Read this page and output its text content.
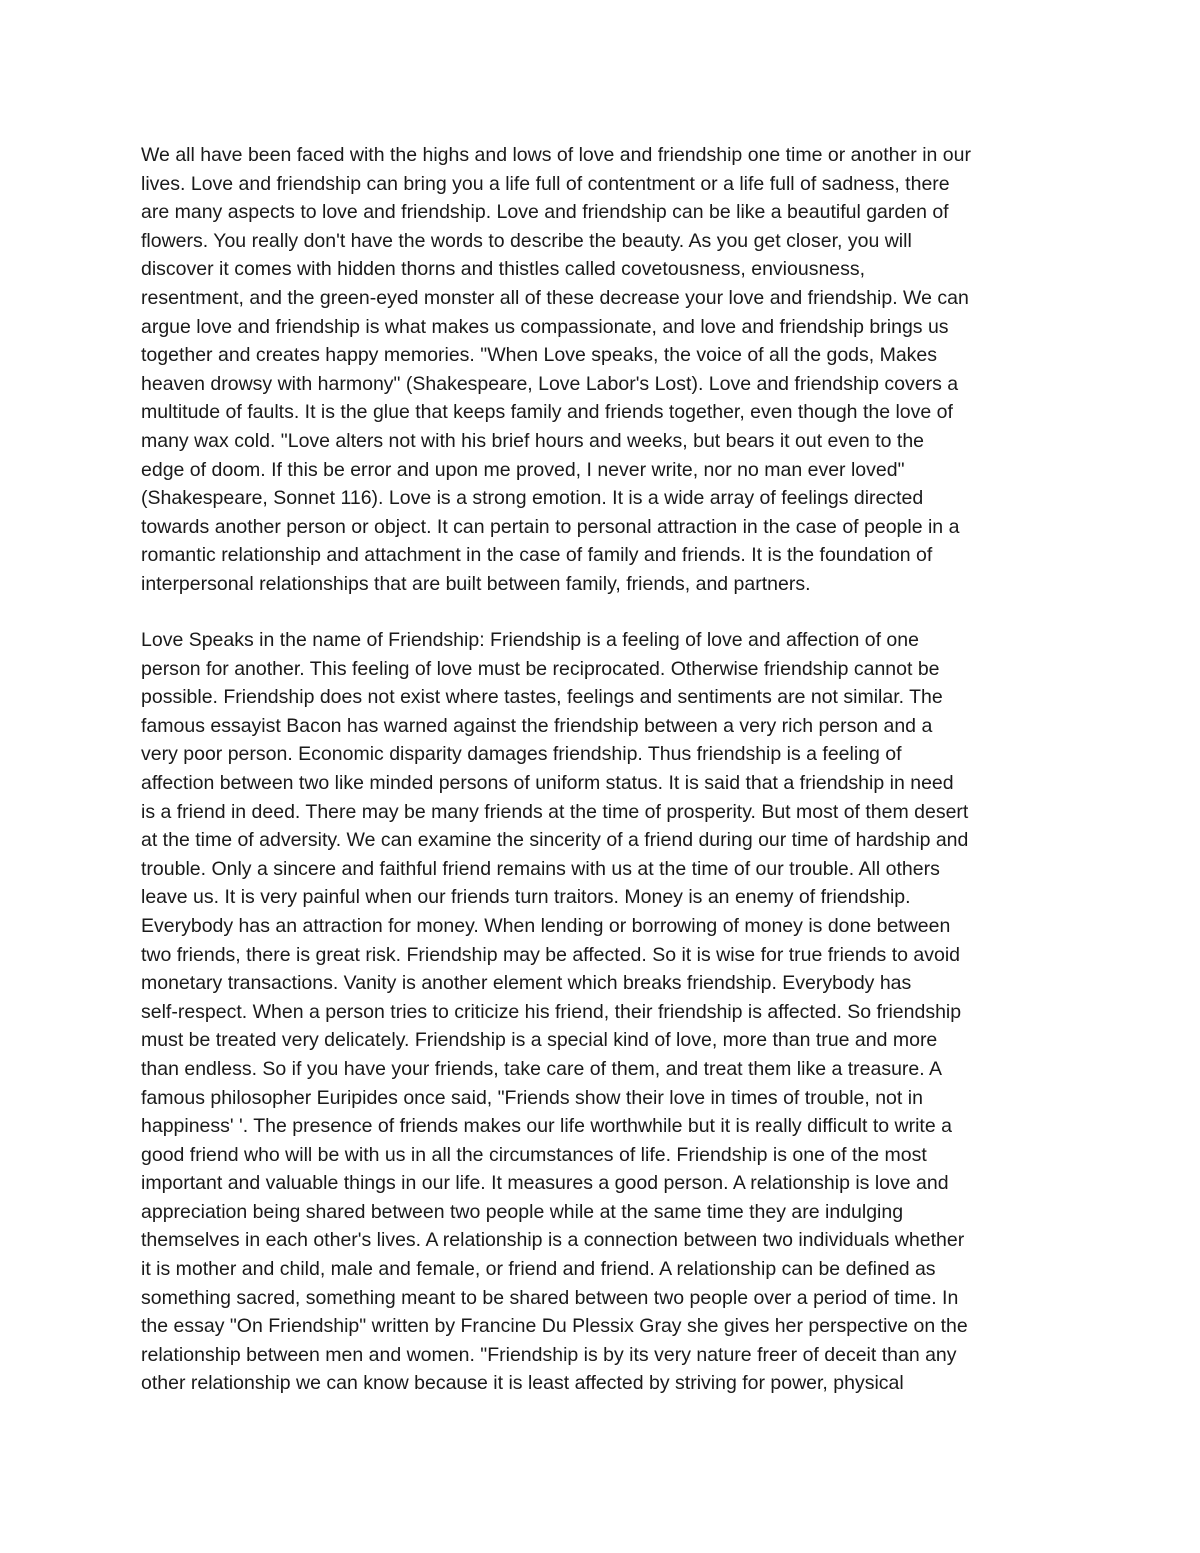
We all have been faced with the highs and lows of love and friendship one time or another in our
lives. Love and friendship can bring you a life full of contentment or a life full of sadness, there
are many aspects to love and friendship. Love and friendship can be like a beautiful garden of
flowers. You really don't have the words to describe the beauty. As you get closer, you will
discover it comes with hidden thorns and thistles called covetousness, enviousness,
resentment, and the green-eyed monster all of these decrease your love and friendship. We can
argue love and friendship is what makes us compassionate, and love and friendship brings us
together and creates happy memories. "When Love speaks, the voice of all the gods, Makes
heaven drowsy with harmony" (Shakespeare, Love Labor's Lost). Love and friendship covers a
multitude of faults. It is the glue that keeps family and friends together, even though the love of
many wax cold. "Love alters not with his brief hours and weeks, but bears it out even to the
edge of doom. If this be error and upon me proved, I never write, nor no man ever loved"
(Shakespeare, Sonnet 116). Love is a strong emotion. It is a wide array of feelings directed
towards another person or object. It can pertain to personal attraction in the case of people in a
romantic relationship and attachment in the case of family and friends. It is the foundation of
interpersonal relationships that are built between family, friends, and partners.

Love Speaks in the name of Friendship: Friendship is a feeling of love and affection of one
person for another. This feeling of love must be reciprocated. Otherwise friendship cannot be
possible. Friendship does not exist where tastes, feelings and sentiments are not similar. The
famous essayist Bacon has warned against the friendship between a very rich person and a
very poor person. Economic disparity damages friendship. Thus friendship is a feeling of
affection between two like minded persons of uniform status. It is said that a friendship in need
is a friend in deed. There may be many friends at the time of prosperity. But most of them desert
at the time of adversity. We can examine the sincerity of a friend during our time of hardship and
trouble. Only a sincere and faithful friend remains with us at the time of our trouble. All others
leave us. It is very painful when our friends turn traitors. Money is an enemy of friendship.
Everybody has an attraction for money. When lending or borrowing of money is done between
two friends, there is great risk. Friendship may be affected. So it is wise for true friends to avoid
monetary transactions. Vanity is another element which breaks friendship. Everybody has
self-respect. When a person tries to criticize his friend, their friendship is affected. So friendship
must be treated very delicately. Friendship is a special kind of love, more than true and more
than endless. So if you have your friends, take care of them, and treat them like a treasure. A
famous philosopher Euripides once said, "Friends show their love in times of trouble, not in
happiness' '. The presence of friends makes our life worthwhile but it is really difficult to write a
good friend who will be with us in all the circumstances of life. Friendship is one of the most
important and valuable things in our life. It measures a good person. A relationship is love and
appreciation being shared between two people while at the same time they are indulging
themselves in each other's lives. A relationship is a connection between two individuals whether
it is mother and child, male and female, or friend and friend. A relationship can be defined as
something sacred, something meant to be shared between two people over a period of time. In
the essay "On Friendship" written by Francine Du Plessix Gray she gives her perspective on the
relationship between men and women. "Friendship is by its very nature freer of deceit than any
other relationship we can know because it is least affected by striving for power, physical
